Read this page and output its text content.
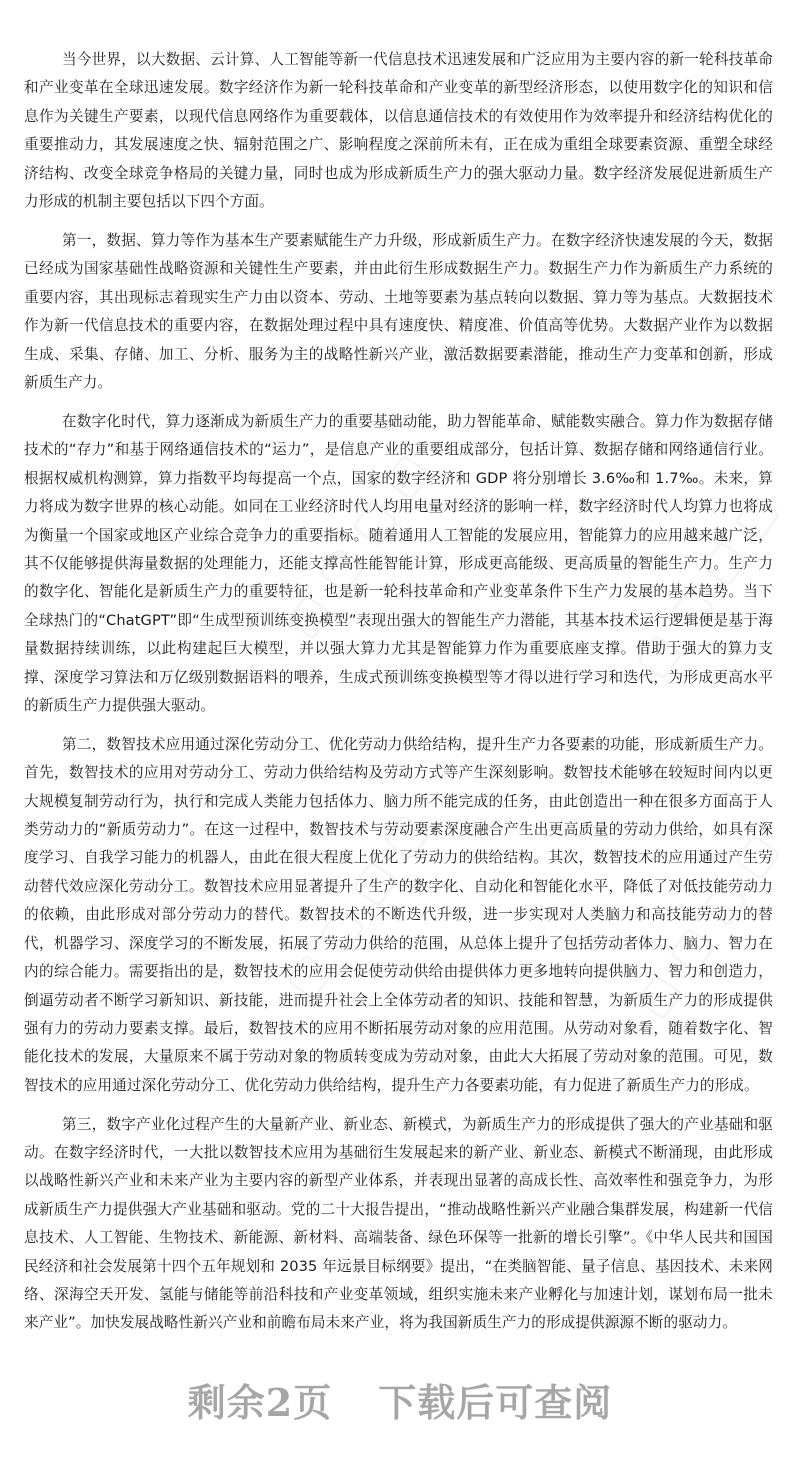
当今世界，以大数据、云计算、人工智能等新一代信息技术迅速发展和广泛应用为主要内容的新一轮科技革命和产业变革在全球迅速发展。数字经济作为新一轮科技革命和产业变革的新型经济形态，以使用数字化的知识和信息作为关键生产要素，以现代信息网络作为重要载体，以信息通信技术的有效使用作为效率提升和经济结构优化的重要推动力，其发展速度之快、辐射范围之广、影响程度之深前所未有，正在成为重组全球要素资源、重塑全球经济结构、改变全球竞争格局的关键力量，同时也成为形成新质生产力的强大驱动力量。数字经济发展促进新质生产力形成的机制主要包括以下四个方面。

第一，数据、算力等作为基本生产要素赋能生产力升级，形成新质生产力。在数字经济快速发展的今天，数据已经成为国家基础性战略资源和关键性生产要素，并由此衍生形成数据生产力。数据生产力作为新质生产力系统的重要内容，其出现标志着现实生产力由以资本、劳动、土地等要素为基点转向以数据、算力等为基点。大数据技术作为新一代信息技术的重要内容，在数据处理过程中具有速度快、精度准、价值高等优势。大数据产业作为以数据生成、采集、存储、加工、分析、服务为主的战略性新兴产业，激活数据要素潜能，推动生产力变革和创新，形成新质生产力。

在数字化时代，算力逐渐成为新质生产力的重要基础动能，助力智能革命、赋能数实融合。算力作为数据存储技术的“存力”和基于网络通信技术的“运力”，是信息产业的重要组成部分，包括计算、数据存储和网络通信行业。根据权威机构测算，算力指数平均每提高一个点，国家的数字经济和 GDP 将分别增长 3.6‰和 1.7‰。未来，算力将成为数字世界的核心动能。如同在工业经济时代人均用电量对经济的影响一样，数字经济时代人均算力也将成为衡量一个国家或地区产业综合竞争力的重要指标。随着通用人工智能的发展应用，智能算力的应用越来越广泛，其不仅能够提供海量数据的处理能力，还能支撑高性能智能计算，形成更高能级、更高质量的智能生产力。生产力的数字化、智能化是新质生产力的重要特征，也是新一轮科技革命和产业变革条件下生产力发展的基本趋势。当下全球热门的“ChatGPT”即“生成型预训练变换模型”表现出强大的智能生产力潜能，其基本技术运行逻辑便是基于海量数据持续训练，以此构建起巨大模型，并以强大算力尤其是智能算力作为重要底座支撑。借助于强大的算力支撑、深度学习算法和万亿级别数据语料的喂养，生成式预训练变换模型等才得以进行学习和迭代，为形成更高水平的新质生产力提供强大驱动。

第二，数智技术应用通过深化劳动分工、优化劳动力供给结构，提升生产力各要素的功能，形成新质生产力。首先，数智技术的应用对劳动分工、劳动力供给结构及劳动方式等产生深刻影响。数智技术能够在较短时间内以更大规模复制劳动行为，执行和完成人类能力包括体力、脑力所不能完成的任务，由此创造出一种在很多方面高于人类劳动力的“新质劳动力”。在这一过程中，数智技术与劳动要素深度融合产生出更高质量的劳动力供给，如具有深度学习、自我学习能力的机器人，由此在很大程度上优化了劳动力的供给结构。其次，数智技术的应用通过产生劳动替代效应深化劳动分工。数智技术应用显著提升了生产的数字化、自动化和智能化水平，降低了对低技能劳动力的依赖，由此形成对部分劳动力的替代。数智技术的不断迭代升级，进一步实现对人类脑力和高技能劳动力的替代，机器学习、深度学习的不断发展，拓展了劳动力供给的范围，从总体上提升了包括劳动者体力、脑力、智力在内的综合能力。需要指出的是，数智技术的应用会促使劳动供给由提供体力更多地转向提供脑力、智力和创造力，倒逼劳动者不断学习新知识、新技能，进而提升社会上全体劳动者的知识、技能和智慧，为新质生产力的形成提供强有力的劳动力要素支撑。最后，数智技术的应用不断拓展劳动对象的应用范围。从劳动对象看，随着数字化、智能化技术的发展，大量原来不属于劳动对象的物质转变成为劳动对象，由此大大拓展了劳动对象的范围。可见，数智技术的应用通过深化劳动分工、优化劳动力供给结构，提升生产力各要素功能，有力促进了新质生产力的形成。

第三，数字产业化过程产生的大量新产业、新业态、新模式，为新质生产力的形成提供了强大的产业基础和驱动。在数字经济时代，一大批以数智技术应用为基础衍生发展起来的新产业、新业态、新模式不断涌现，由此形成以战略性新兴产业和未来产业为主要内容的新型产业体系，并表现出显著的高成长性、高效率性和强竞争力，为形成新质生产力提供强大产业基础和驱动。党的二十大报告提出，“推动战略性新兴产业融合集群发展，构建新一代信息技术、人工智能、生物技术、新能源、新材料、高端装备、绿色环保等一批新的增长引擎”。《中华人民共和国国民经济和社会发展第十四个五年规划和 2035 年远景目标纲要》提出，“在类脑智能、量子信息、基因技术、未来网络、深海空天开发、氢能与储能等前沿科技和产业变革领域，组织实施未来产业孵化与加速计划，谋划布局一批未来产业”。加快发展战略性新兴产业和前瞻布局未来产业，将为我国新质生产力的形成提供源源不断的驱动力。

剩余2页 下载后可查阅
